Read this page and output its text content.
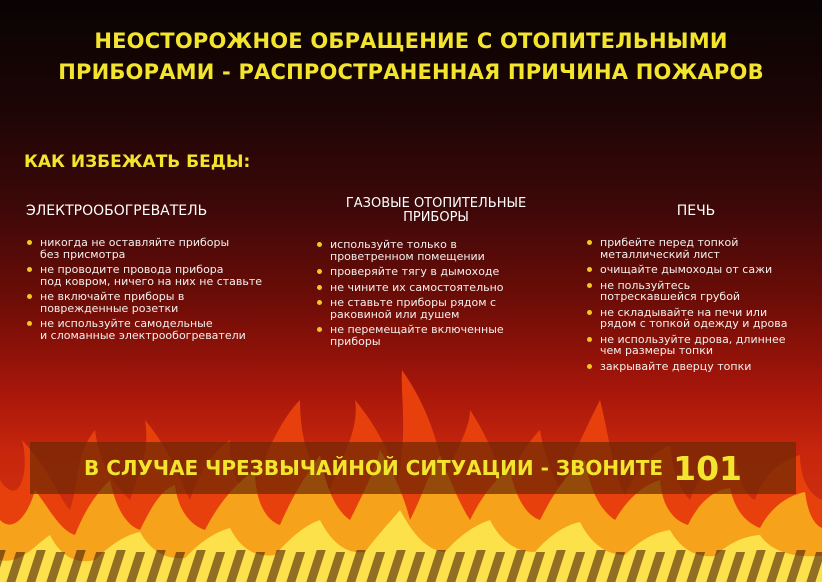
НЕОСТОРОЖНОЕ ОБРАЩЕНИЕ С ОТОПИТЕЛЬНЫМИ
ПРИБОРАМИ - РАСПРОСТРАНЕННАЯ ПРИЧИНА ПОЖАРОВ
КАК ИЗБЕЖАТЬ БЕДЫ:
ЭЛЕКТРООБОГРЕВАТЕЛЬ
никогда не оставляйте приборы
без присмотра
не проводите провода прибора
под ковром, ничего на них не ставьте
не включайте приборы в
поврежденные розетки
не используйте самодельные
и сломанные электрообогреватели
ГАЗОВЫЕ ОТОПИТЕЛЬНЫЕ
ПРИБОРЫ
используйте только в
проветренном помещении
проверяйте тягу в дымоходе
не чините их самостоятельно
не ставьте приборы рядом с
раковиной или душем
не перемещайте включенные
приборы
ПЕЧЬ
прибейте перед топкой
металлический лист
очищайте дымоходы от сажи
не пользуйтесь
потрескавшейся грубой
не складывайте на печи или
рядом с топкой одежду и дрова
не используйте дрова, длиннее
чем размеры топки
закрывайте дверцу топки
В СЛУЧАЕ ЧРЕЗВЫЧАЙНОЙ СИТУАЦИИ - ЗВОНИТЕ 101
